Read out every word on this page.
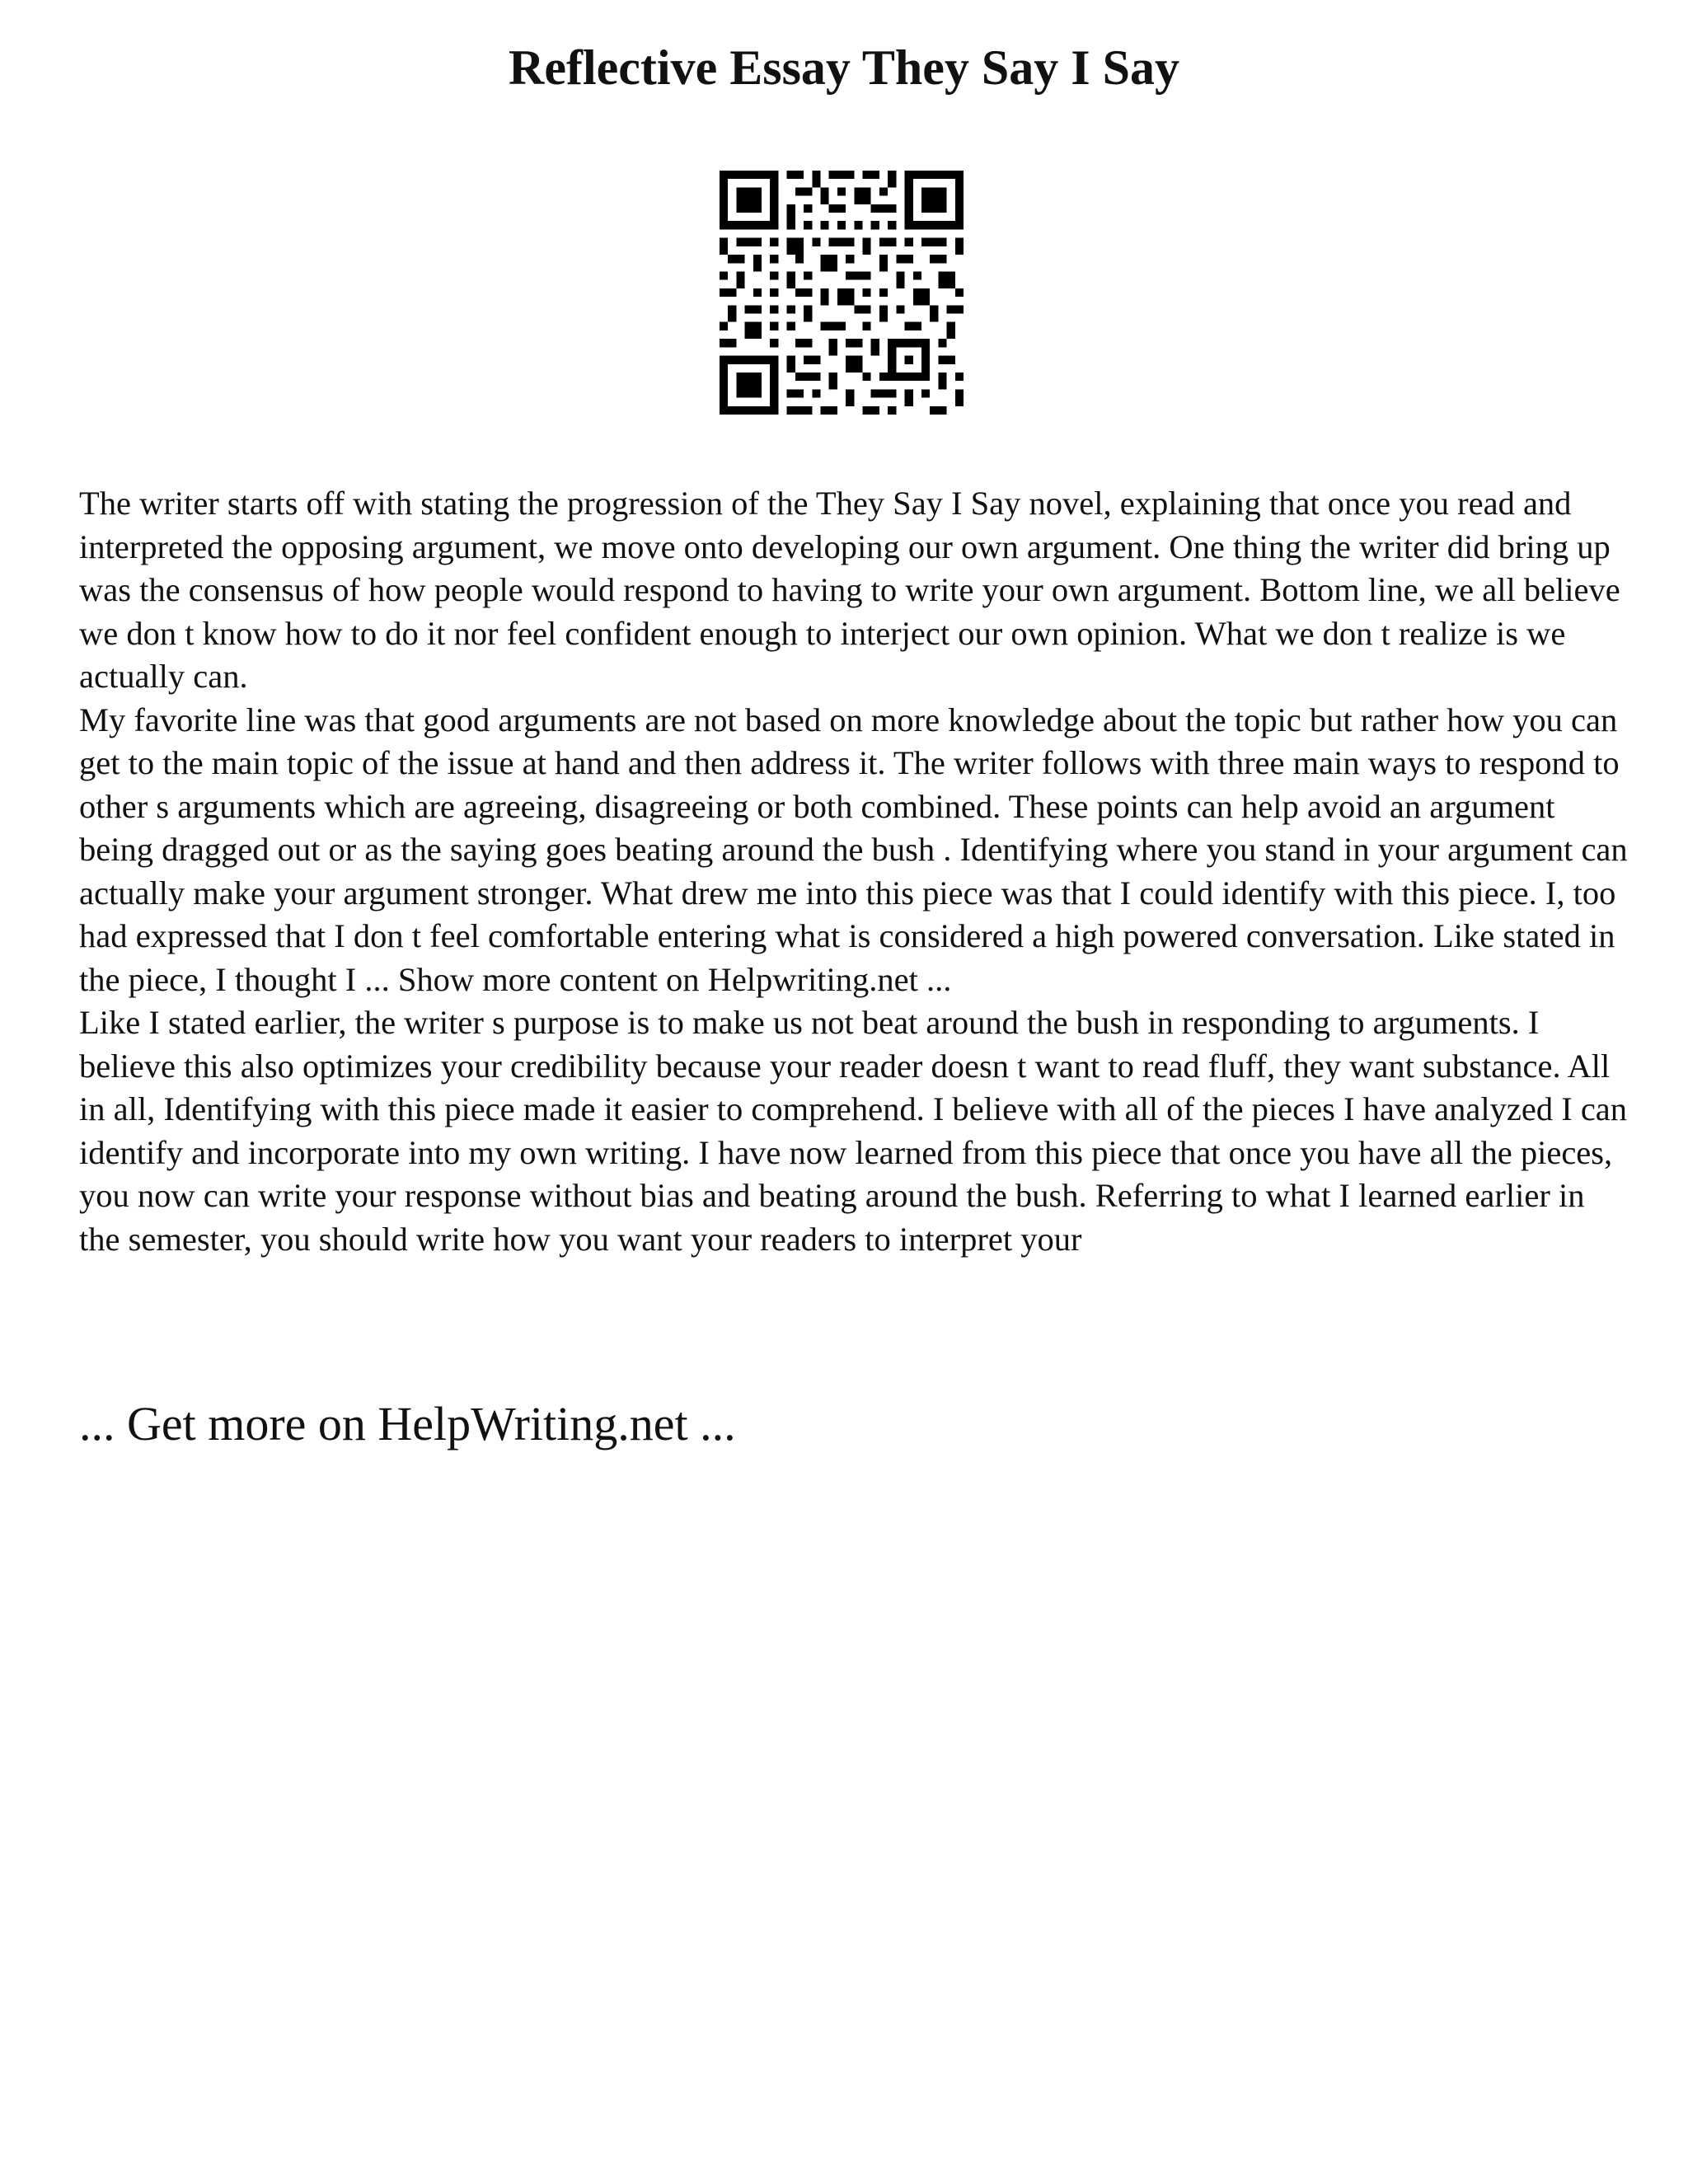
Reflective Essay They Say I Say

The writer starts off with stating the progression of the They Say I Say novel, explaining that once you read and interpreted the opposing argument, we move onto developing our own argument. One thing the writer did bring up was the consensus of how people would respond to having to write your own argument. Bottom line, we all believe we don t know how to do it nor feel confident enough to interject our own opinion. What we don t realize is we actually can.

My favorite line was that good arguments are not based on more knowledge about the topic but rather how you can get to the main topic of the issue at hand and then address it. The writer follows with three main ways to respond to other s arguments which are agreeing, disagreeing or both combined. These points can help avoid an argument being dragged out or as the saying goes beating around the bush . Identifying where you stand in your argument can actually make your argument stronger. What drew me into this piece was that I could identify with this piece. I, too had expressed that I don t feel comfortable entering what is considered a high powered conversation. Like stated in the piece, I thought I ... Show more content on Helpwriting.net ...

Like I stated earlier, the writer s purpose is to make us not beat around the bush in responding to arguments. I believe this also optimizes your credibility because your reader doesn t want to read fluff, they want substance. All in all, Identifying with this piece made it easier to comprehend. I believe with all of the pieces I have analyzed I can identify and incorporate into my own writing. I have now learned from this piece that once you have all the pieces, you now can write your response without bias and beating around the bush. Referring to what I learned earlier in the semester, you should write how you want your readers to interpret your

... Get more on HelpWriting.net ...
